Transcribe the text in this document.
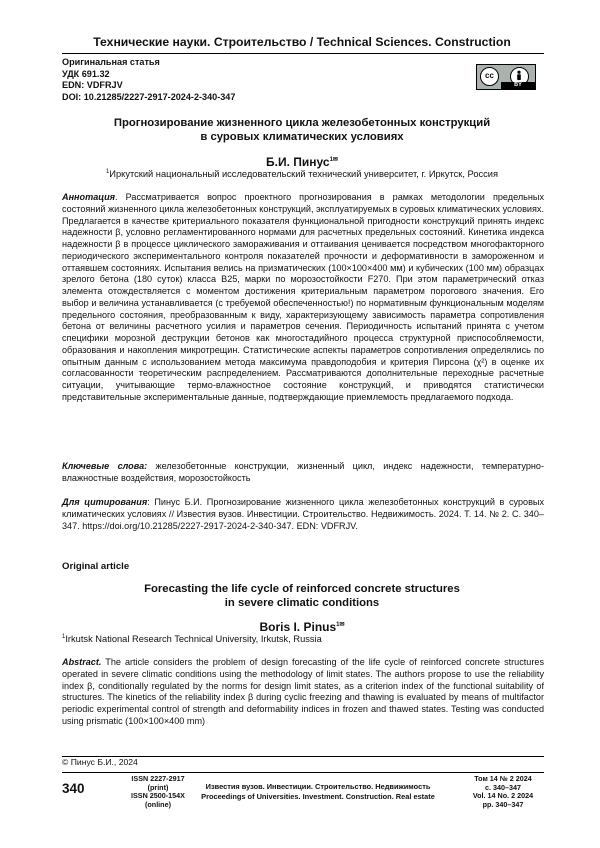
Технические науки. Строительство / Technical Sciences. Construction
Оригинальная статья
УДК 691.32
EDN: VDFRJV
DOI: 10.21285/2227-2917-2024-2-340-347
cc
BY
Прогнозирование жизненного цикла железобетонных конструкций
в суровых климатических условиях
Б.И. Пинус$^{1✉}$
$^1$Иркутский национальный исследовательский технический университет, г. Иркутск, Россия
Аннотация. Рассматривается вопрос проектного прогнозирования в рамках методологии предельных состояний жизненного цикла железобетонных конструкций, эксплуатируемых в суровых климатических условиях. Предлагается в качестве критериального показателя функциональной пригодности конструкций принять индекс надежности β, условно регламентированного нормами для расчетных предельных состояний. Кинетика индекса надежности β в процессе циклического замораживания и оттаивания ценивается посредством многофакторного периодического экспериментального контроля показателей прочности и деформативности в замороженном и оттаявшем состояниях. Испытания велись на призматических (100×100×400 мм) и кубических (100 мм) образцах зрелого бетона (180 суток) класса В25, марки по морозостойкости F270. При этом параметрический отказ элемента отождествляется с моментом достижения критериальным параметром порогового значения. Его выбор и величина устанавливается (с требуемой обеспеченностью!) по нормативным функциональным моделям предельного состояния, преобразованным к виду, характеризующему зависимость параметра сопротивления бетона от величины расчетного усилия и параметров сечения. Периодичность испытаний принята с учетом специфики морозной деструкции бетонов как многостадийного процесса структурной приспособляемости, образования и накопления микротрещин. Статистические аспекты параметров сопротивления определялись по опытным данным с использованием метода максимума правдоподобия и критерия Пирсона (χ²) в оценке их согласованности теоретическим распределением. Рассматриваются дополнительные переходные расчетные ситуации, учитывающие термо-влажностное состояние конструкций, и приводятся статистически представительные экспериментальные данные, подтверждающие приемлемость предлагаемого подхода.
Ключевые слова: железобетонные конструкции, жизненный цикл, индекс надежности, температурно-влажностные воздействия, морозостойкость
Для цитирования: Пинус Б.И. Прогнозирование жизненного цикла железобетонных конструкций в суровых климатических условиях // Известия вузов. Инвестиции. Строительство. Недвижимость. 2024. Т. 14. № 2. С. 340–347. https://doi.org/10.21285/2227-2917-2024-2-340-347. EDN: VDFRJV.
Original article
Forecasting the life cycle of reinforced concrete structures
in severe climatic conditions
Boris I. Pinus$^{1✉}$
$^1$Irkutsk National Research Technical University, Irkutsk, Russia
Abstract. The article considers the problem of design forecasting of the life cycle of reinforced concrete structures operated in severe climatic conditions using the methodology of limit states. The authors propose to use the reliability index β, conditionally regulated by the norms for design limit states, as a criterion index of the functional suitability of structures. The kinetics of the reliability index β during cyclic freezing and thawing is evaluated by means of multifactor periodic experimental control of strength and deformability indices in frozen and thawed states. Testing was conducted using prismatic (100×100×400 mm)
© Пинус Б.И., 2024
340
ISSN 2227-2917
(print)
ISSN 2500-154X
(online)
Известия вузов. Инвестиции. Строительство. Недвижимость
Proceedings of Universities. Investment. Construction. Real estate
Том 14 № 2 2024
с. 340–347
Vol. 14 No. 2 2024
pp. 340–347
